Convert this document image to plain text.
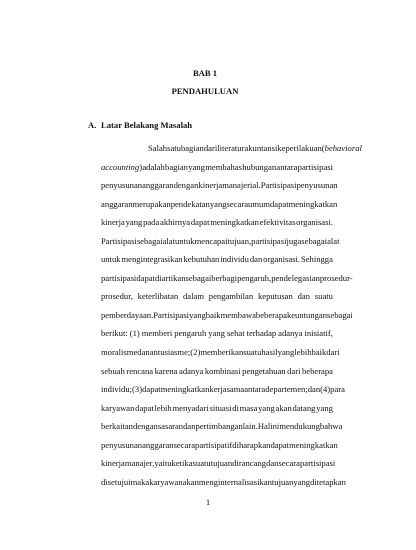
BAB 1
PENDAHULUAN
A. Latar Belakang Masalah
Salah satu bagian dari literatur akuntansi keperilakuan (behavioral
accounting) adalah bagian yang membahas hubungan antara partisipasi
penyusunan anggaran dengan kinerja manajerial. Partisipasi penyusunan
anggaran merupakan pendekatan yang secara umum dapat meningkatkan
kinerja yang pada akhirnya dapat meningkatkan efektivitas organisasi.
Partisipasi sebagai alat untuk mencapai tujuan, partisipasi juga sebagai alat
untuk mengintegrasikan kebutuhan individu dan organisasi. Sehingga
partisipasi dapat diartikan sebagai berbagi pengaruh, pendelegasian prosedur-
prosedur, keterlibatan dalam pengambilan keputusan dan suatu
pemberdayaan. Partisipasi yang baik membawa beberapa keuntungan sebagai
berikut: (1) memberi pengaruh yang sehat terhadap adanya inisiatif,
moralisme dan antusiasme; (2) memberikan suatu hasil yang lebih baik dari
sebuah rencana karena adanya kombinasi pengetahuan dari beberapa
individu; (3) dapat meningkatkan kerjasama antara departemen; dan (4) para
karyawan dapat lebih menyadari situasi di masa yang akan datang yang
berkaitan dengan sasaran dan pertimbangan lain. Hal ini mendukung bahwa
penyusunan anggaran secara partisipatif diharapkan dapat meningkatkan
kinerja manajer, yaitu ketika suatu tujuan dirancang dan secara partisipasi
disetujui maka karyawan akan menginternalisasikan tujuan yang ditetapkan
1
